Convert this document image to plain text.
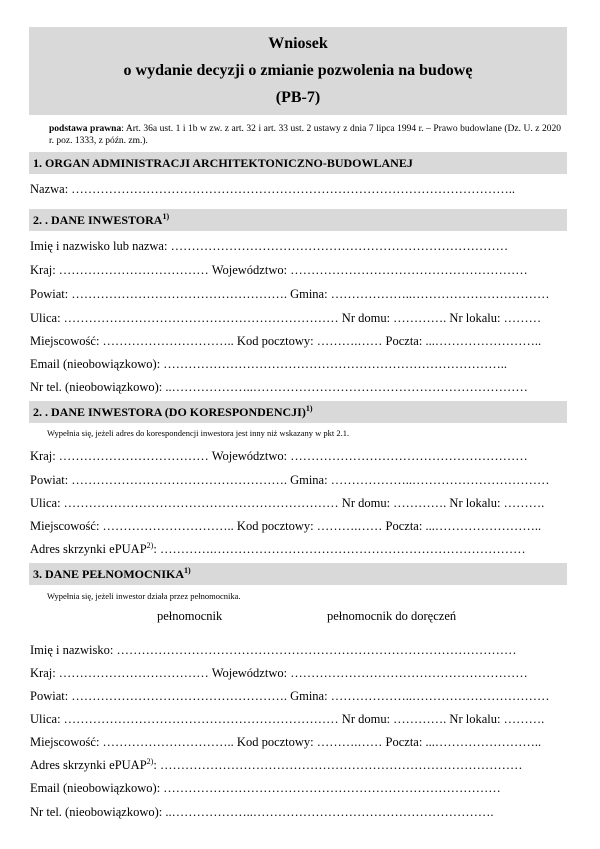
Wniosek
o wydanie decyzji o zmianie pozwolenia na budowę
(PB-7)
podstawa prawna: Art. 36a ust. 1 i 1b w zw. z art. 32 i art. 33 ust. 2 ustawy z dnia 7 lipca 1994 r. – Prawo budowlane (Dz. U. z 2020 r. poz. 1333, z późn. zm.).
1. ORGAN ADMINISTRACJI ARCHITEKTONICZNO-BUDOWLANEJ
Nazwa: ……………………………………………………………………………………………..
2. . DANE INWESTORA$^{1)}$
Imię i nazwisko lub nazwa: ………………………………………………………………………
Kraj: ……………………………… Województwo: …………………………………………………
Powiat: ……………………………………………. Gmina: ………………..……………………………
Ulica: ………………………………………………………… Nr domu: …………. Nr lokalu: ………
Miejscowość: ………………………….. Kod pocztowy: ……….…… Poczta: ...……………………..
Email (nieobowiązkowo): ………………………………………………………………………..
Nr tel. (nieobowiązkowo): ..………………..…………………………………………………………
2. . DANE INWESTORA (DO KORESPONDENCJI)$^{1)}$
Wypełnia się, jeżeli adres do korespondencji inwestora jest inny niż wskazany w pkt 2.1.
Kraj: ……………………………… Województwo: …………………………………………………
Powiat: ……………………………………………. Gmina: ………………..……………………………
Ulica: ………………………………………………………… Nr domu: …………. Nr lokalu: ……….
Miejscowość: ………………………….. Kod pocztowy: ……….…… Poczta: ...……………………..
Adres skrzynki ePUAP$^{2)}$: ………….…………………………………………………………………
3. DANE PEŁNOMOCNIKA$^{1)}$
Wypełnia się, jeżeli inwestor działa przez pełnomocnika.
pełnomocnik	pełnomocnik do doręczeń
Imię i nazwisko: ……………………………………………………………………………………
Kraj: ……………………………… Województwo: …………………………………………………
Powiat: ……………………………………………. Gmina: ………………..……………………………
Ulica: ………………………………………………………… Nr domu: …………. Nr lokalu: ……….
Miejscowość: ………………………….. Kod pocztowy: ……….…… Poczta: ...……………………..
Adres skrzynki ePUAP$^{2)}$: ……………………………………………………………………………
Email (nieobowiązkowo): ………………………………………………………………………
Nr tel. (nieobowiązkowo): ..………………..………………………………………………….
